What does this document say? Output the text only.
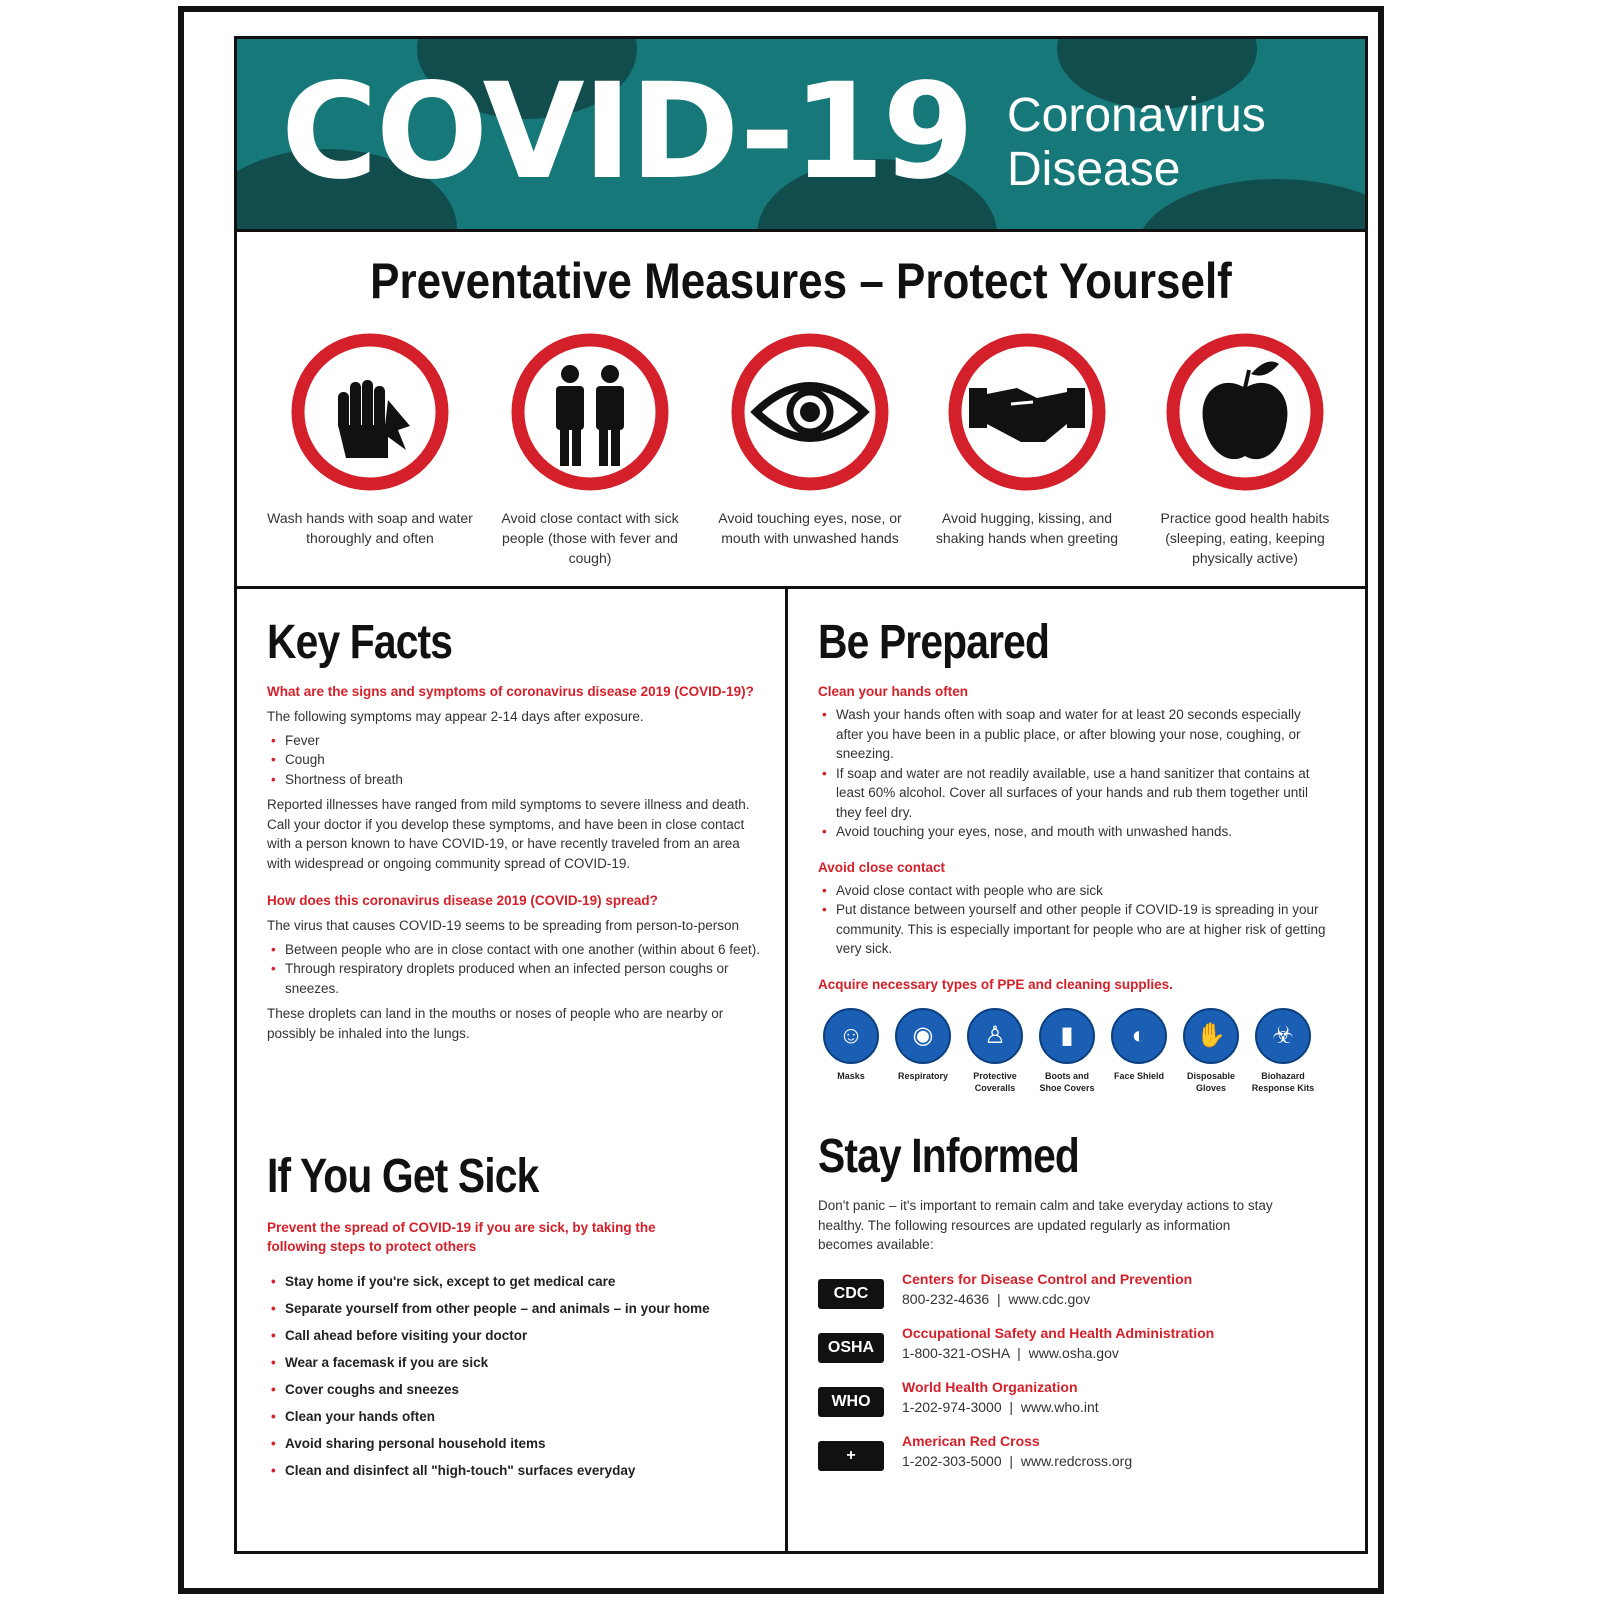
COVID-19 Coronavirus
Disease
Preventative Measures – Protect Yourself
Wash hands with soap and water thoroughly and often
Avoid close contact with sick people (those with fever and cough)
Avoid touching eyes, nose, or mouth with unwashed hands
Avoid hugging, kissing, and shaking hands when greeting
Practice good health habits (sleeping, eating, keeping physically active)
Key Facts
What are the signs and symptoms of coronavirus disease 2019 (COVID-19)?
The following symptoms may appear 2-14 days after exposure.
• Fever
• Cough
• Shortness of breath
Reported illnesses have ranged from mild symptoms to severe illness and death. Call your doctor if you develop these symptoms, and have been in close contact with a person known to have COVID-19, or have recently traveled from an area with widespread or ongoing community spread of COVID-19.
How does this coronavirus disease 2019 (COVID-19) spread?
The virus that causes COVID-19 seems to be spreading from person-to-person
• Between people who are in close contact with one another (within about 6 feet).
• Through respiratory droplets produced when an infected person coughs or sneezes.
These droplets can land in the mouths or noses of people who are nearby or possibly be inhaled into the lungs.
If You Get Sick
Prevent the spread of COVID-19 if you are sick, by taking the following steps to protect others
• Stay home if you're sick, except to get medical care
• Separate yourself from other people – and animals – in your home
• Call ahead before visiting your doctor
• Wear a facemask if you are sick
• Cover coughs and sneezes
• Clean your hands often
• Avoid sharing personal household items
• Clean and disinfect all "high-touch" surfaces everyday
Be Prepared
Clean your hands often
• Wash your hands often with soap and water for at least 20 seconds especially after you have been in a public place, or after blowing your nose, coughing, or sneezing.
• If soap and water are not readily available, use a hand sanitizer that contains at least 60% alcohol. Cover all surfaces of your hands and rub them together until they feel dry.
• Avoid touching your eyes, nose, and mouth with unwashed hands.
Avoid close contact
• Avoid close contact with people who are sick
• Put distance between yourself and other people if COVID-19 is spreading in your community. This is especially important for people who are at higher risk of getting very sick.
Acquire necessary types of PPE and cleaning supplies.
☺
Masks
◉
Respiratory
♙
Protective Coveralls
▮
Boots and Shoe Covers
◐
Face Shield
✋
Disposable Gloves
☣
Biohazard Response Kits
Stay Informed
Don't panic – it's important to remain calm and take everyday actions to stay healthy. The following resources are updated regularly as information becomes available:
CDC
Centers for Disease Control and Prevention
800-232-4636  |  www.cdc.gov
OSHA
Occupational Safety and Health Administration
1-800-321-OSHA  |  www.osha.gov
WHO
World Health Organization
1-202-974-3000  |  www.who.int
+
American Red Cross
1-202-303-5000  |  www.redcross.org
